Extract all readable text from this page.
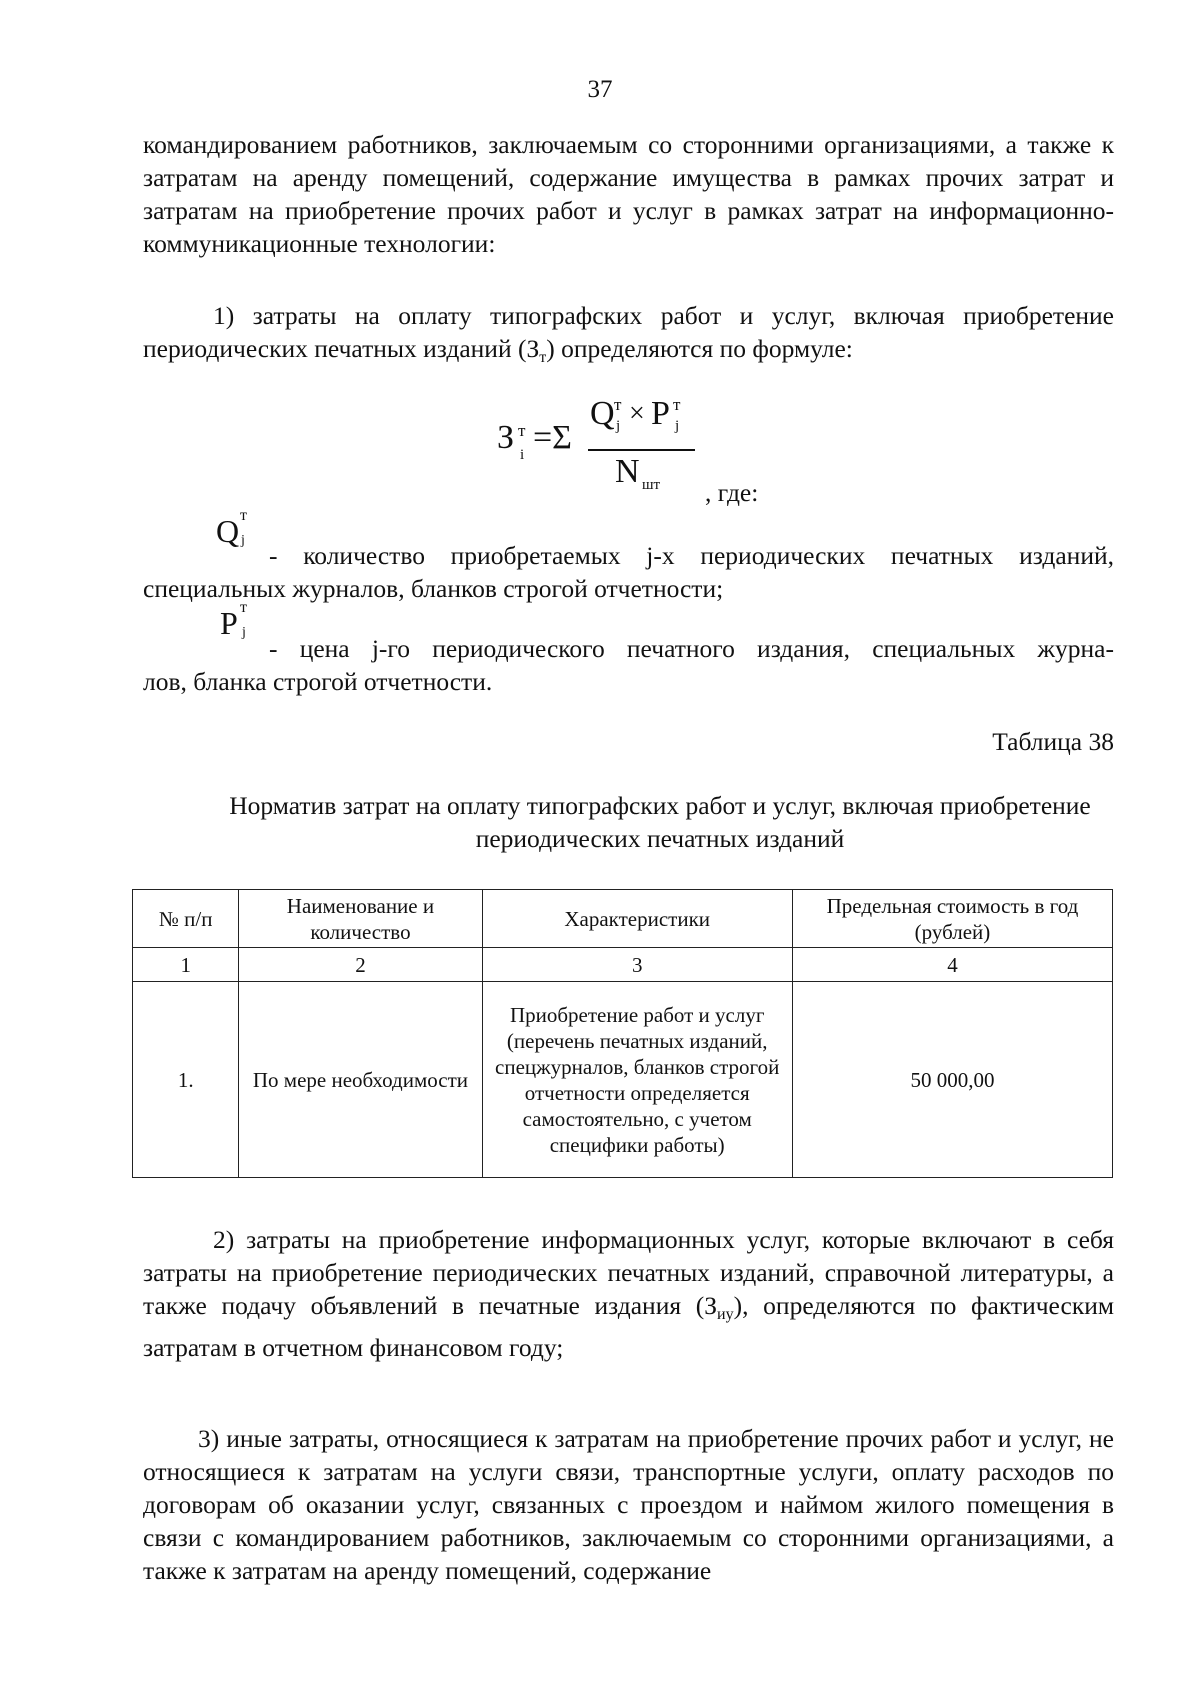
37

командированием работников, заключаемым со сторонними организациями, а также к затратам на аренду помещений, содержание имущества в рамках прочих затрат и затратам на приобретение прочих работ и услуг в рамках затрат на информационно-коммуникационные технологии:

1) затраты на оплату типографских работ и услуг, включая приобретение периодических печатных изданий (Зт) определяются по формуле:

З т
i =Σ
Q т
j × P т
j
N шт , где:
Q т
j
- количество приобретаемых j-х периодических печатных изданий,
специальных журналов, бланков строгой отчетности;
P т
j
- цена j-го периодического печатного издания, специальных журна-
лов, бланка строгой отчетности.
Таблица 38
Норматив затрат на оплату типографских работ и услуг, включая приобретение периодических печатных изданий
№ п/п	Наименование и количество	Характеристики	Предельная стоимость в год (рублей)
1	2	3	4
1.	По мере необходимости	Приобретение работ и услуг (перечень печатных изданий, спецжурналов, бланков строгой отчетности определяется самостоятельно, с учетом специфики работы)	50 000,00

2) затраты на приобретение информационных услуг, которые включают в себя затраты на приобретение периодических печатных изданий, справочной литературы, а также подачу объявлений в печатные издания (Зиу), определяются по фактическим затратам в отчетном финансовом году;

3) иные затраты, относящиеся к затратам на приобретение прочих работ и услуг, не относящиеся к затратам на услуги связи, транспортные услуги, оплату расходов по договорам об оказании услуг, связанных с проездом и наймом жилого помещения в связи с командированием работников, заключаемым со сторонними организациями, а также к затратам на аренду помещений, содержание
